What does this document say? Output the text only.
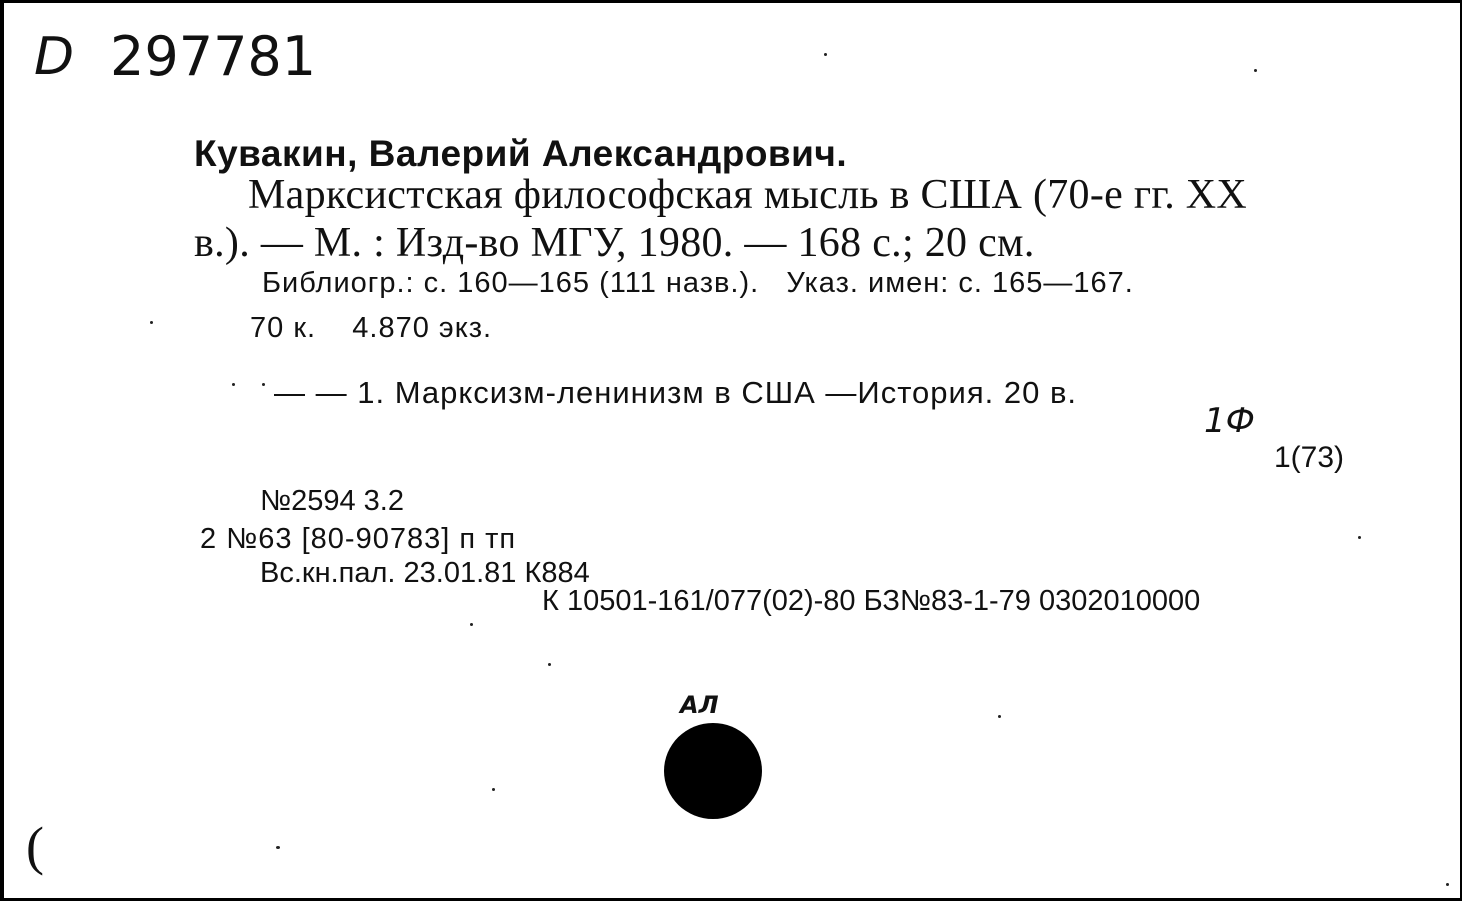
D 297781
Кувакин, Валерий Александрович.
Марксистская философская мысль в США (70-е гг. XX
в.). — М. : Изд-во МГУ, 1980. — 168 с.; 20 см.
Библиогр.: с. 160—165 (111 назв.).   Указ. имен: с. 165—167.
70 к.    4.870 экз.
— — 1. Марксизм-ленинизм в США —История. 20 в.
1Ф
1(73)
№2594 3.2
2 №63 [80-90783] п тп
Вс.кн.пал. 23.01.81 К884
К 10501-161/077(02)-80 БЗ№83-1-79 0302010000
АЛ
(
